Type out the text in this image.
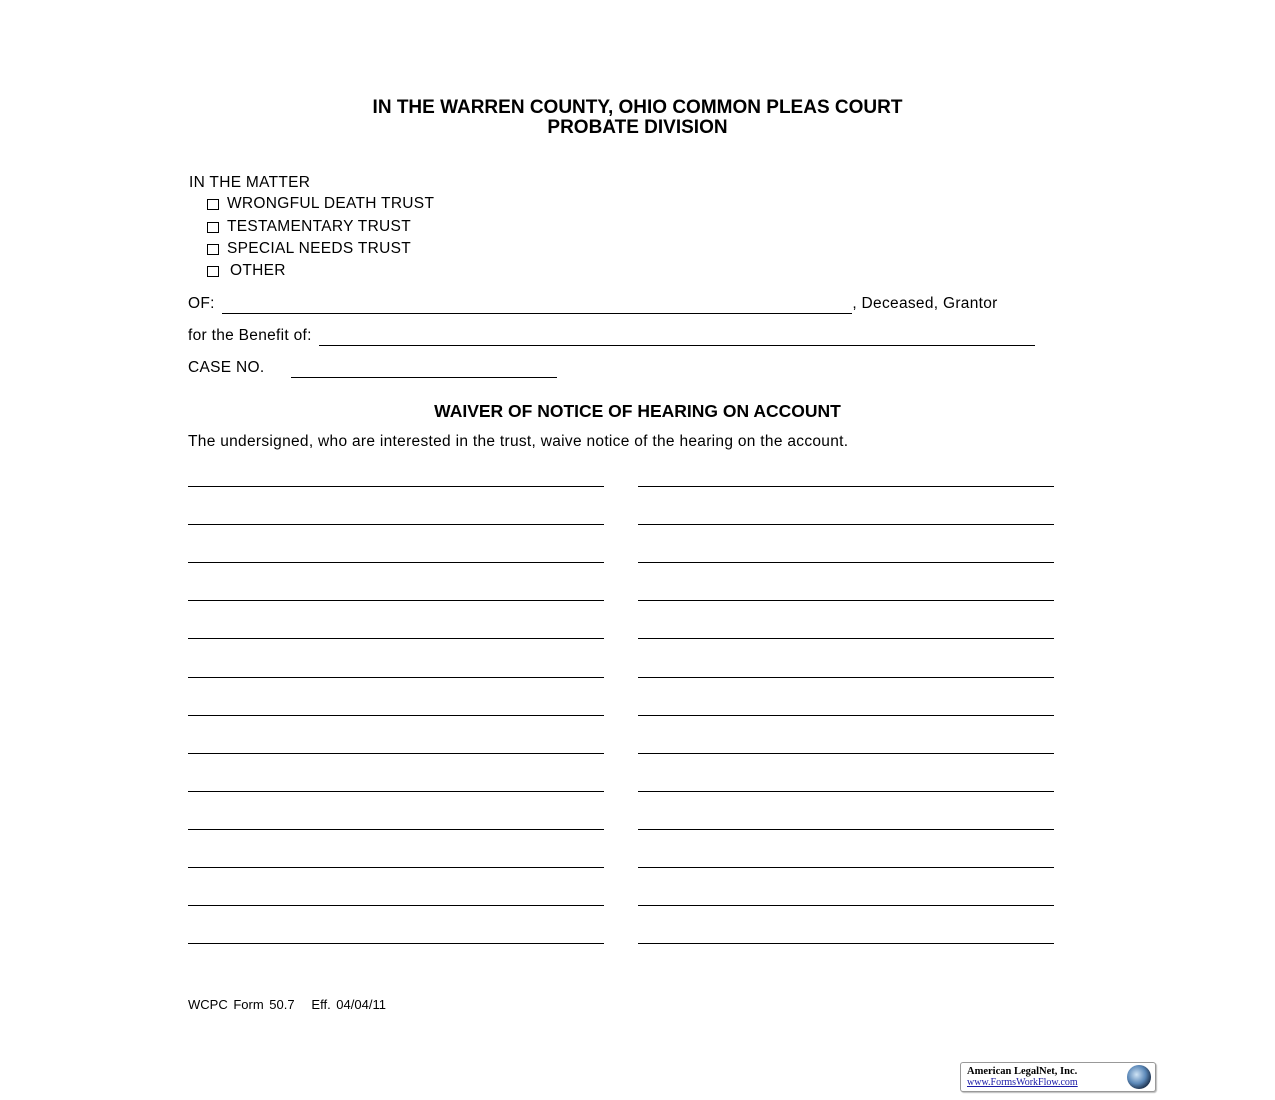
IN THE WARREN COUNTY, OHIO COMMON PLEAS COURT
PROBATE DIVISION
IN THE MATTER
WRONGFUL DEATH TRUST
TESTAMENTARY TRUST
SPECIAL NEEDS TRUST
OTHER
OF:	, Deceased, Grantor
for the Benefit of:
CASE NO.
WAIVER OF NOTICE OF HEARING ON ACCOUNT
The undersigned, who are interested in the trust, waive notice of the hearing on the account.
WCPC Form 50.7 Eff. 04/04/11
American LegalNet, Inc.
www.FormsWorkFlow.com
